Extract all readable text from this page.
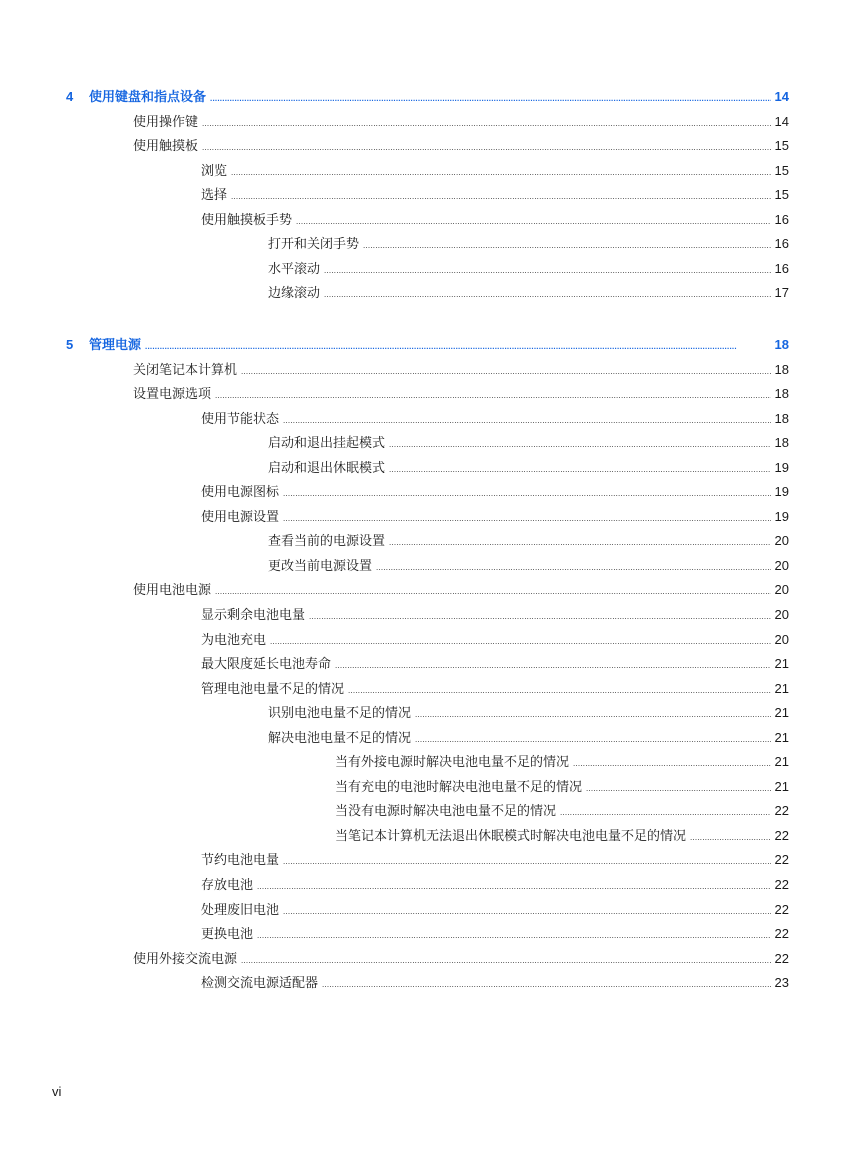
4	使用键盘和指点设备 . . .	14
使用操作键 . . .	14
使用触摸板 . . .	15
浏览 . . .	15
选择 . . .	15
使用触摸板手势 . . .	16
打开和关闭手势 . . .	16
水平滚动 . . .	16
边缘滚动 . . .	17
5	管理电源 . . .	18
关闭笔记本计算机 . . .	18
设置电源选项 . . .	18
使用节能状态 . . .	18
启动和退出挂起模式 . . .	18
启动和退出休眠模式 . . .	19
使用电源图标 . . .	19
使用电源设置 . . .	19
查看当前的电源设置 . . .	20
更改当前电源设置 . . .	20
使用电池电源 . . .	20
显示剩余电池电量 . . .	20
为电池充电 . . .	20
最大限度延长电池寿命 . . .	21
管理电池电量不足的情况 . . .	21
识别电池电量不足的情况 . . .	21
解决电池电量不足的情况 . . .	21
当有外接电源时解决电池电量不足的情况 . . .	21
当有充电的电池时解决电池电量不足的情况 . . .	21
当没有电源时解决电池电量不足的情况 . . .	22
当笔记本计算机无法退出休眠模式时解决电池电量不足的情况 . . .	22
节约电池电量 . . .	22
存放电池 . . .	22
处理废旧电池 . . .	22
更换电池 . . .	22
使用外接交流电源 . . .	22
检测交流电源适配器 . . .	23
vi
